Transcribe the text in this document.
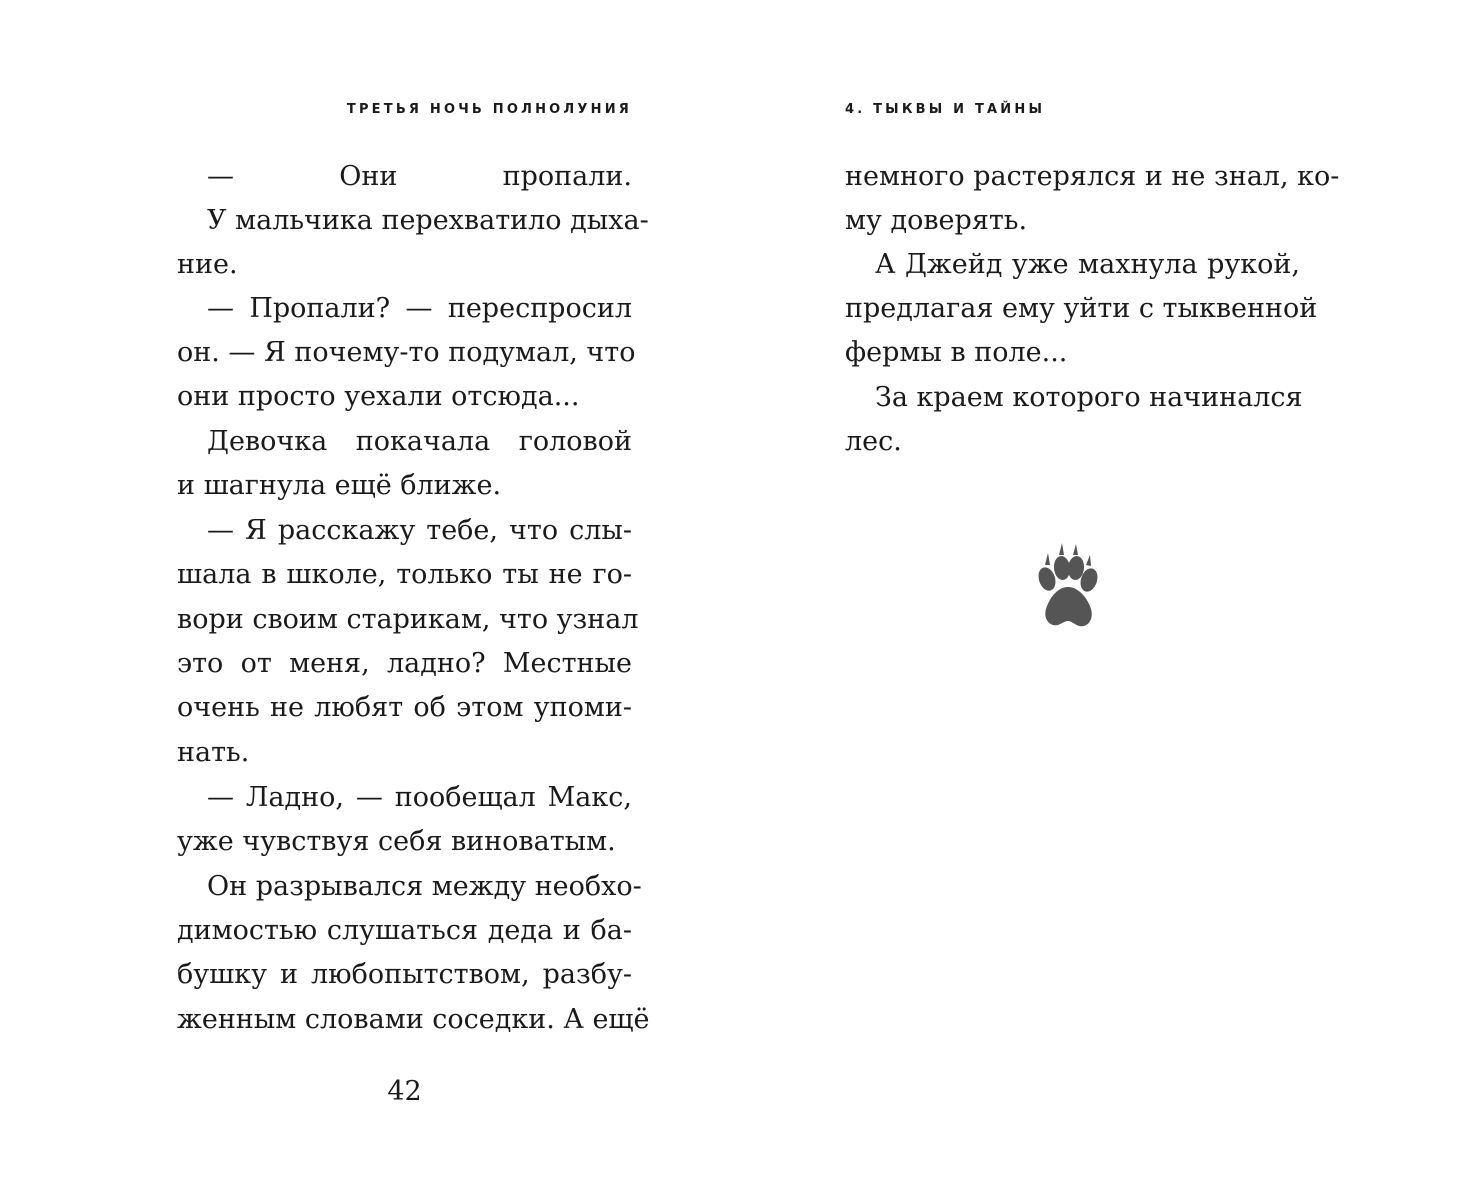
ТРЕТЬЯ НОЧЬ ПОЛНОЛУНИЯ
— Они пропали.
У мальчика перехватило дыха-
ние.
— Пропали? — переспросил
он. — Я почему-то подумал, что
они просто уехали отсюда...
Девочка покачала головой
и шагнула ещё ближе.
— Я расскажу тебе, что слы-
шала в школе, только ты не го-
вори своим старикам, что узнал
это от меня, ладно? Местные
очень не любят об этом упоми-
нать.
— Ладно, — пообещал Макс,
уже чувствуя себя виноватым.
Он разрывался между необхо-
димостью слушаться деда и ба-
бушку и любопытством, разбу-
женным словами соседки. А ещё
42
4. ТЫКВЫ И ТАЙНЫ
немного растерялся и не знал, ко-
му доверять.
А Джейд уже махнула рукой,
предлагая ему уйти с тыквенной
фермы в поле...
За краем которого начинался
лес.
